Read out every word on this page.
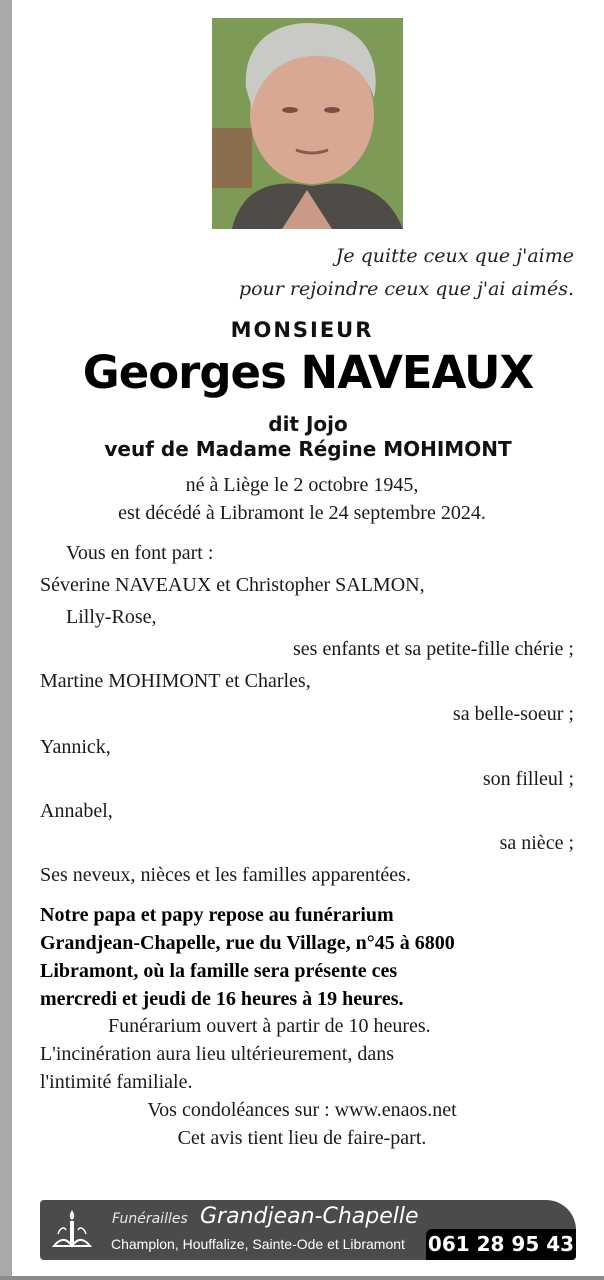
Je quitte ceux que j'aime
pour rejoindre ceux que j'ai aimés.
MONSIEUR
Georges NAVEAUX
dit Jojo
veuf de Madame Régine MOHIMONT
né à Liège le 2 octobre 1945,
est décédé à Libramont le 24 septembre 2024.
Vous en font part :
Séverine NAVEAUX et Christopher SALMON,
Lilly-Rose,
ses enfants et sa petite-fille chérie ;
Martine MOHIMONT et Charles,
sa belle-soeur ;
Yannick,
son filleul ;
Annabel,
sa nièce ;
Ses neveux, nièces et les familles apparentées.
Notre papa et papy repose au funérarium
Grandjean-Chapelle, rue du Village, n°45 à 6800
Libramont, où la famille sera présente ces
mercredi et jeudi de 16 heures à 19 heures.
Funérarium ouvert à partir de 10 heures.
L'incinération aura lieu ultérieurement, dans
l'intimité familiale.
Vos condoléances sur : www.enaos.net
Cet avis tient lieu de faire-part.
Funérailles Grandjean-Chapelle
Champlon, Houffalize, Sainte-Ode et Libramont 061 28 95 43
